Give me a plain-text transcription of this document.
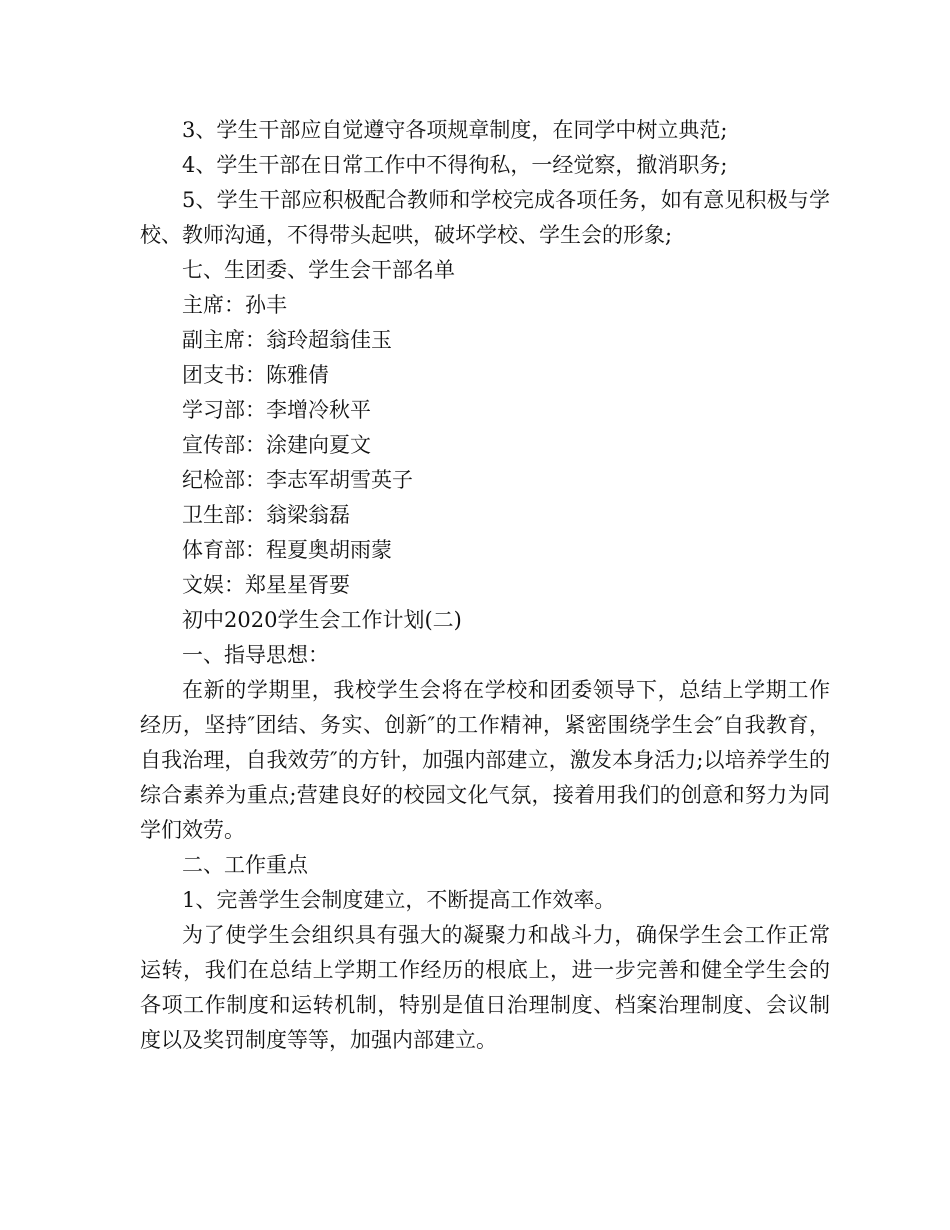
3、学生干部应自觉遵守各项规章制度，在同学中树立典范;

4、学生干部在日常工作中不得徇私，一经觉察，撤消职务;

5、学生干部应积极配合教师和学校完成各项任务，如有意见积极与学校、教师沟通，不得带头起哄，破坏学校、学生会的形象;

七、生团委、学生会干部名单

主席：孙丰

副主席：翁玲超翁佳玉

团支书：陈雅倩

学习部：李增冷秋平

宣传部：涂建向夏文

纪检部：李志军胡雪英子

卫生部：翁梁翁磊

体育部：程夏奥胡雨蒙

文娱：郑星星胥要

初中2020学生会工作计划(二)

一、指导思想：

在新的学期里，我校学生会将在学校和团委领导下，总结上学期工作经历，坚持″团结、务实、创新″的工作精神，紧密围绕学生会″自我教育，自我治理，自我效劳″的方针，加强内部建立，激发本身活力;以培养学生的综合素养为重点;营建良好的校园文化气氛，接着用我们的创意和努力为同学们效劳。

二、工作重点

1、完善学生会制度建立，不断提高工作效率。

为了使学生会组织具有强大的凝聚力和战斗力，确保学生会工作正常运转，我们在总结上学期工作经历的根底上，进一步完善和健全学生会的各项工作制度和运转机制，特别是值日治理制度、档案治理制度、会议制度以及奖罚制度等等，加强内部建立。
